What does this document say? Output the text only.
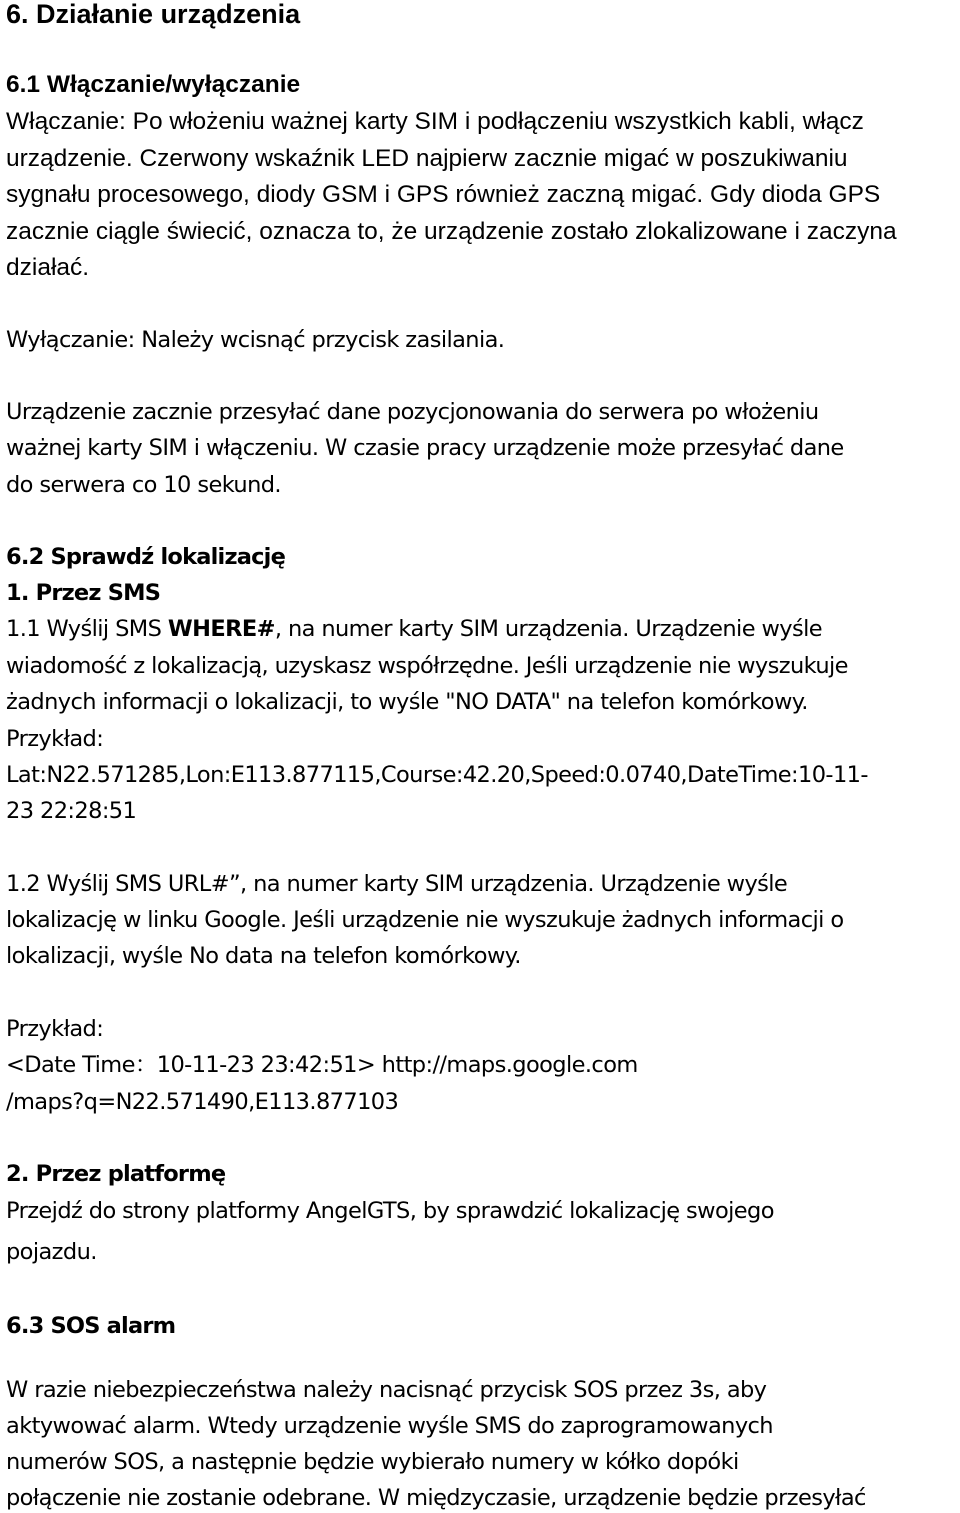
6. Działanie urządzenia
6.1 Włączanie/wyłączanie
Włączanie: Po włożeniu ważnej karty SIM i podłączeniu wszystkich kabli, włącz
urządzenie. Czerwony wskaźnik LED najpierw zacznie migać w poszukiwaniu
sygnału procesowego, diody GSM i GPS również zaczną migać. Gdy dioda GPS
zacznie ciągle świecić, oznacza to, że urządzenie zostało zlokalizowane i zaczyna
działać.
Wyłączanie: Należy wcisnąć przycisk zasilania.
Urządzenie zacznie przesyłać dane pozycjonowania do serwera po włożeniu
ważnej karty SIM i włączeniu. W czasie pracy urządzenie może przesyłać dane
do serwera co 10 sekund.
6.2 Sprawdź lokalizację
1. Przez SMS
1.1 Wyślij SMS WHERE#, na numer karty SIM urządzenia. Urządzenie wyśle
wiadomość z lokalizacją, uzyskasz współrzędne. Jeśli urządzenie nie wyszukuje
żadnych informacji o lokalizacji, to wyśle "NO DATA" na telefon komórkowy.
Przykład:
Lat:N22.571285,Lon:E113.877115,Course:42.20,Speed:0.0740,DateTime:10-11-
23 22:28:51
1.2 Wyślij SMS URL#”, na numer karty SIM urządzenia. Urządzenie wyśle
lokalizację w linku Google. Jeśli urządzenie nie wyszukuje żadnych informacji o
lokalizacji, wyśle No data na telefon komórkowy.
Przykład:
<Date Time：10-11-23 23:42:51> http://maps.google.com
/maps?q=N22.571490,E113.877103
2. Przez platformę
Przejdź do strony platformy AngelGTS, by sprawdzić lokalizację swojego
pojazdu.
6.3 SOS alarm
W razie niebezpieczeństwa należy nacisnąć przycisk SOS przez 3s, aby
aktywować alarm. Wtedy urządzenie wyśle SMS do zaprogramowanych
numerów SOS, a następnie będzie wybierało numery w kółko dopóki
połączenie nie zostanie odebrane. W międzyczasie, urządzenie będzie przesyłać
